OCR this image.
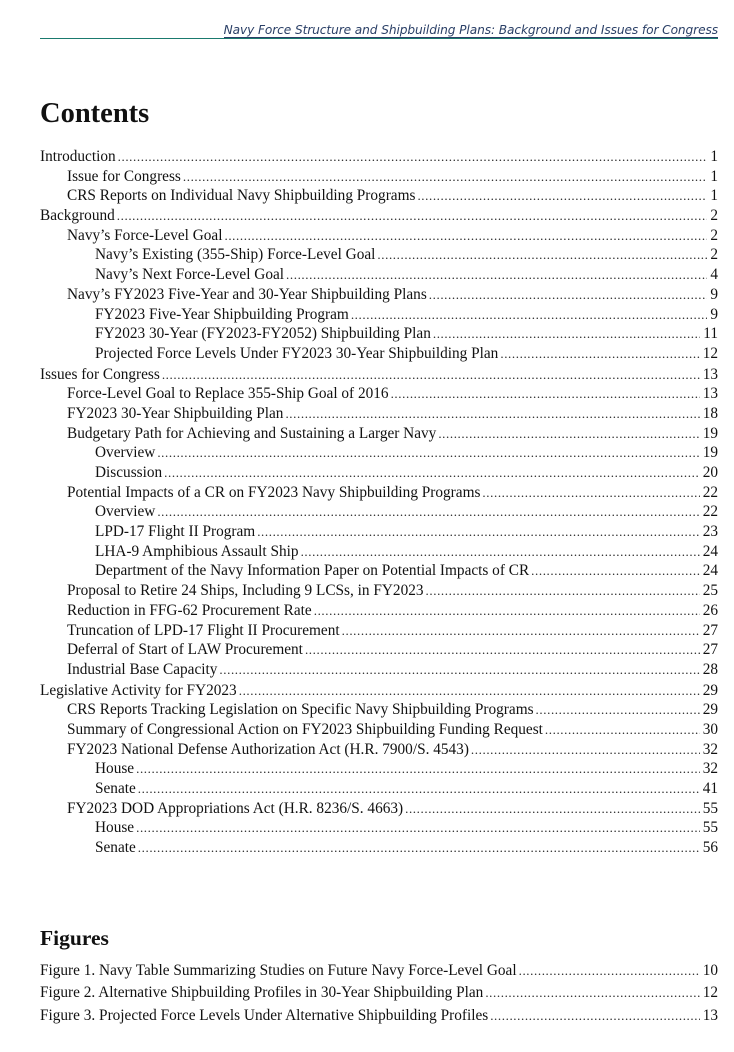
Navy Force Structure and Shipbuilding Plans: Background and Issues for Congress
Contents
Introduction .....	1
Issue for Congress .....	1
CRS Reports on Individual Navy Shipbuilding Programs .....	1
Background .....	2
Navy’s Force-Level Goal .....	2
Navy’s Existing (355-Ship) Force-Level Goal .....	2
Navy’s Next Force-Level Goal .....	4
Navy’s FY2023 Five-Year and 30-Year Shipbuilding Plans .....	9
FY2023 Five-Year Shipbuilding Program .....	9
FY2023 30-Year (FY2023-FY2052) Shipbuilding Plan .....	11
Projected Force Levels Under FY2023 30-Year Shipbuilding Plan .....	12
Issues for Congress .....	13
Force-Level Goal to Replace 355-Ship Goal of 2016 .....	13
FY2023 30-Year Shipbuilding Plan .....	18
Budgetary Path for Achieving and Sustaining a Larger Navy .....	19
Overview .....	19
Discussion .....	20
Potential Impacts of a CR on FY2023 Navy Shipbuilding Programs .....	22
Overview .....	22
LPD-17 Flight II Program .....	23
LHA-9 Amphibious Assault Ship .....	24
Department of the Navy Information Paper on Potential Impacts of CR .....	24
Proposal to Retire 24 Ships, Including 9 LCSs, in FY2023 .....	25
Reduction in FFG-62 Procurement Rate .....	26
Truncation of LPD-17 Flight II Procurement .....	27
Deferral of Start of LAW Procurement .....	27
Industrial Base Capacity .....	28
Legislative Activity for FY2023 .....	29
CRS Reports Tracking Legislation on Specific Navy Shipbuilding Programs .....	29
Summary of Congressional Action on FY2023 Shipbuilding Funding Request .....	30
FY2023 National Defense Authorization Act (H.R. 7900/S. 4543) .....	32
House .....	32
Senate .....	41
FY2023 DOD Appropriations Act (H.R. 8236/S. 4663) .....	55
House .....	55
Senate .....	56
Figures
Figure 1. Navy Table Summarizing Studies on Future Navy Force-Level Goal .....	10
Figure 2. Alternative Shipbuilding Profiles in 30-Year Shipbuilding Plan .....	12
Figure 3. Projected Force Levels Under Alternative Shipbuilding Profiles .....	13
